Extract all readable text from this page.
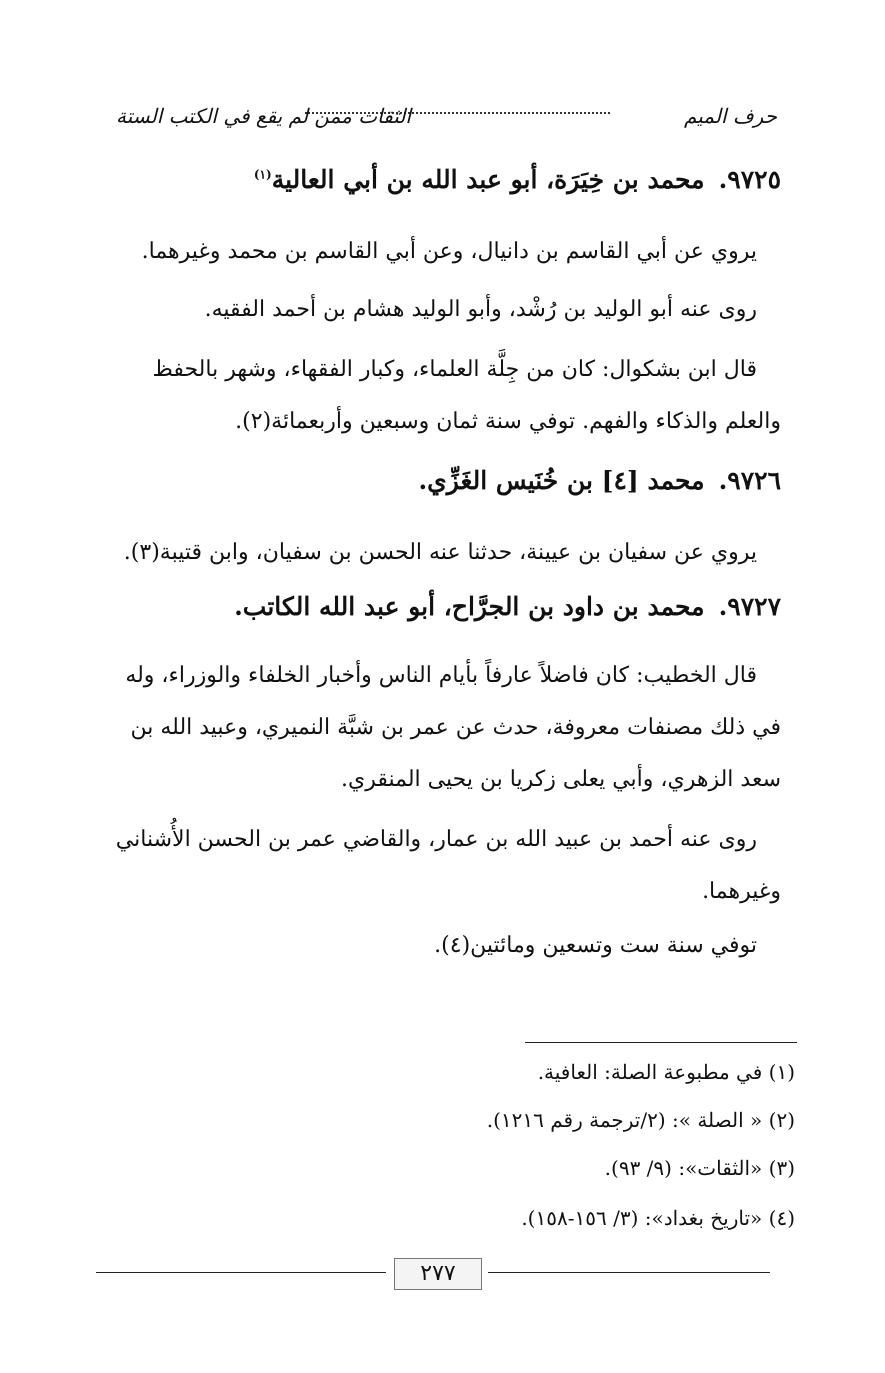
حرف الميم
الثقات ممن لم يقع في الكتب الستة
٩٧٢٥.محمد بن خِيَرَة، أبو عبد الله بن أبي العالية$^{(١)}$
يروي عن أبي القاسم بن دانيال، وعن أبي القاسم بن محمد وغيرهما.
روى عنه أبو الوليد بن رُشْد، وأبو الوليد هشام بن أحمد الفقيه.
قال ابن بشكوال: كان من جِلَّة العلماء، وكبار الفقهاء، وشهر بالحفظ والعلم والذكاء والفهم. توفي سنة ثمان وسبعين وأربعمائة(٢).
٩٧٢٦.محمد [٤] بن خُنَيس الغَزِّي.
يروي عن سفيان بن عيينة، حدثنا عنه الحسن بن سفيان، وابن قتيبة(٣).
٩٧٢٧.محمد بن داود بن الجرَّاح، أبو عبد الله الكاتب.
قال الخطيب: كان فاضلاً عارفاً بأيام الناس وأخبار الخلفاء والوزراء، وله في ذلك مصنفات معروفة، حدث عن عمر بن شبَّة النميري، وعبيد الله بن سعد الزهري، وأبي يعلى زكريا بن يحيى المنقري.
روى عنه أحمد بن عبيد الله بن عمار، والقاضي عمر بن الحسن الأُشناني وغيرهما.
توفي سنة ست وتسعين ومائتين(٤).
(١) في مطبوعة الصلة: العافية.
(٢) « الصلة »: (٢/ترجمة رقم ١٢١٦).
(٣) «الثقات»: (٩/ ٩٣).
(٤) «تاريخ بغداد»: (٣/ ١٥٦-١٥٨).
٢٧٧
